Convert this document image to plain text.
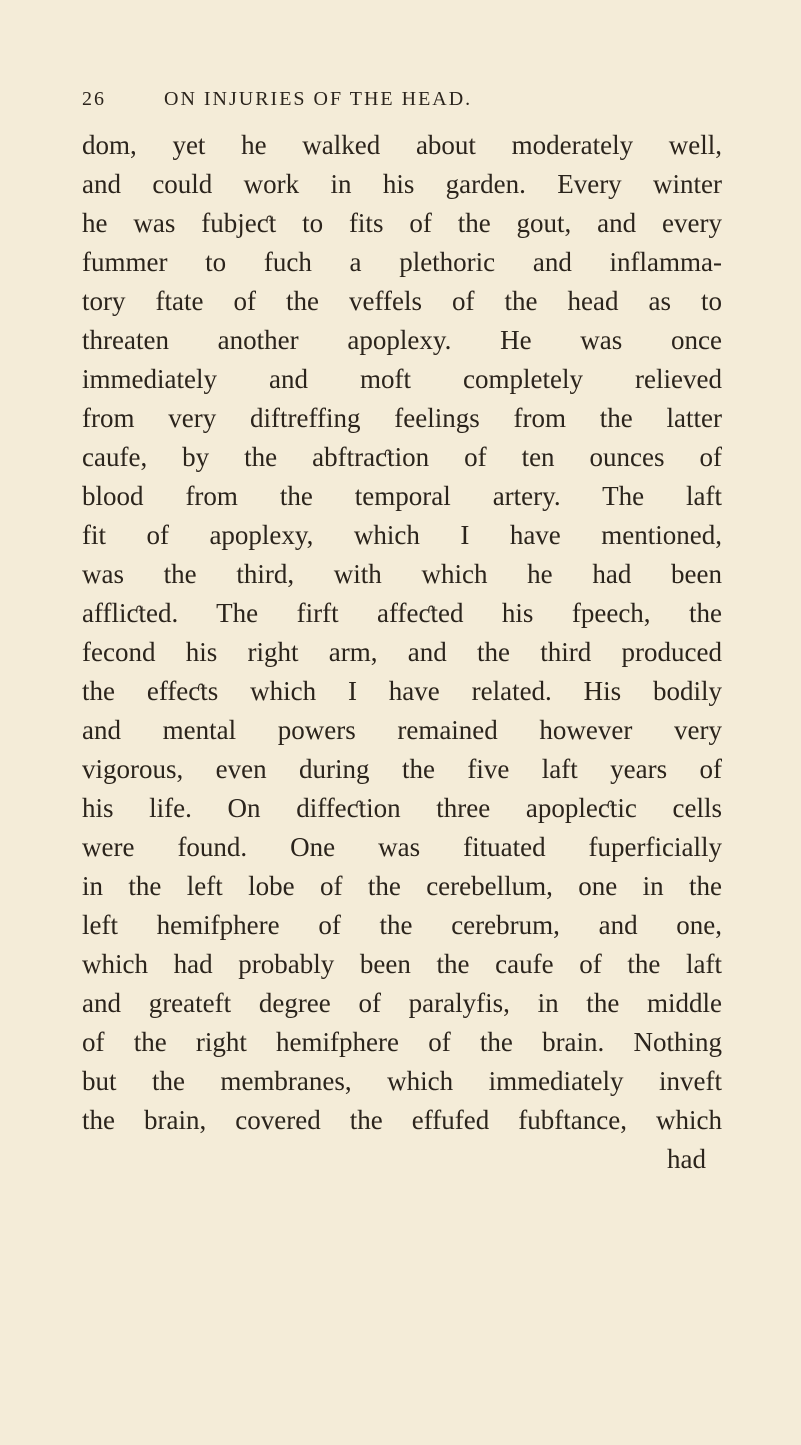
26	ON INJURIES OF THE HEAD.
dom, yet he walked about moderately well,
and could work in his garden. Every winter
he was fubjeƈt to fits of the gout, and every
fummer to fuch a plethoric and inflamma-
tory ftate of the veffels of the head as to
threaten another apoplexy. He was once
immediately and moft completely relieved
from very diftreffing feelings from the latter
caufe, by the abftraƈtion of ten ounces of
blood from the temporal artery. The laft
fit of apoplexy, which I have mentioned,
was the third, with which he had been
affliƈted. The firft affeƈted his fpeech, the
fecond his right arm, and the third produced
the effeƈts which I have related. His bodily
and mental powers remained however very
vigorous, even during the five laft years of
his life. On diffeƈtion three apopleƈtic cells
were found. One was fituated fuperficially
in the left lobe of the cerebellum, one in the
left hemifphere of the cerebrum, and one,
which had probably been the caufe of the laft
and greateft degree of paralyfis, in the middle
of the right hemifphere of the brain. Nothing
but the membranes, which immediately inveft
the brain, covered the effufed fubftance, which
had
